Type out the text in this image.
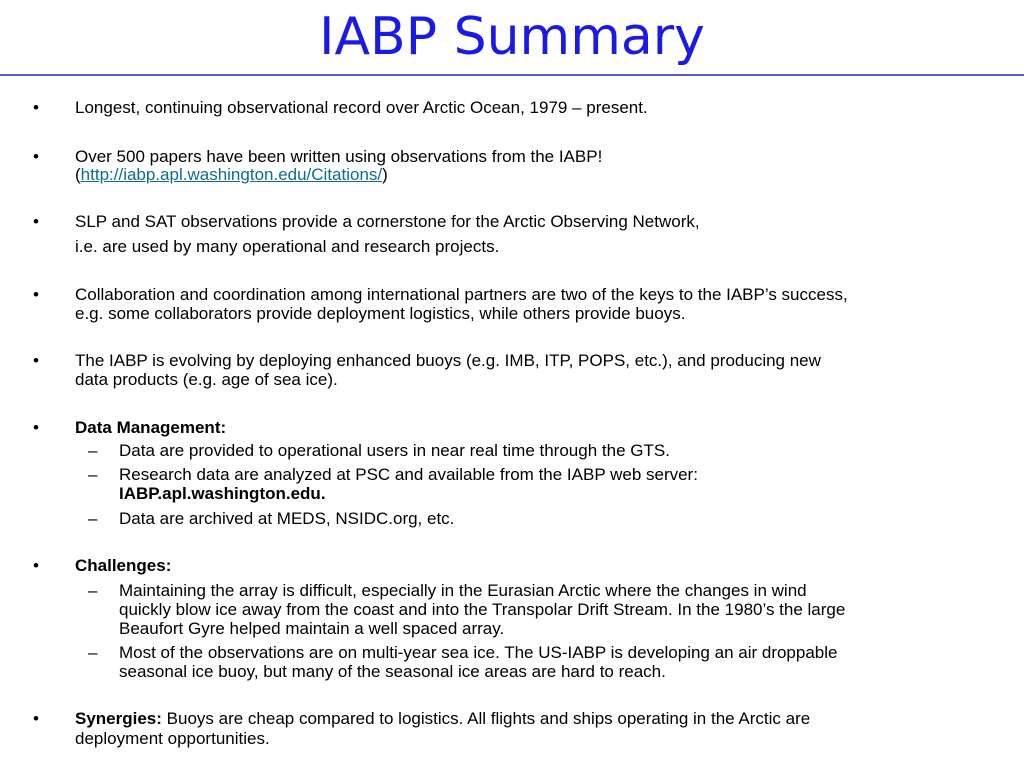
IABP Summary
• Longest, continuing observational record over Arctic Ocean, 1979 – present.
• Over 500 papers have been written using observations from the IABP!
(http://iabp.apl.washington.edu/Citations/)
• SLP and SAT observations provide a cornerstone for the Arctic Observing Network,
i.e. are used by many operational and research projects.
• Collaboration and coordination among international partners are two of the keys to the IABP’s success,
e.g. some collaborators provide deployment logistics, while others provide buoys.
• The IABP is evolving by deploying enhanced buoys (e.g. IMB, ITP, POPS, etc.), and producing new
data products (e.g. age of sea ice).
• Data Management:
– Data are provided to operational users in near real time through the GTS.
– Research data are analyzed at PSC and available from the IABP web server:
IABP.apl.washington.edu.
– Data are archived at MEDS, NSIDC.org, etc.
• Challenges:
– Maintaining the array is difficult, especially in the Eurasian Arctic where the changes in wind
quickly blow ice away from the coast and into the Transpolar Drift Stream. In the 1980’s the large
Beaufort Gyre helped maintain a well spaced array.
– Most of the observations are on multi-year sea ice. The US-IABP is developing an air droppable
seasonal ice buoy, but many of the seasonal ice areas are hard to reach.
• Synergies: Buoys are cheap compared to logistics. All flights and ships operating in the Arctic are
deployment opportunities.
